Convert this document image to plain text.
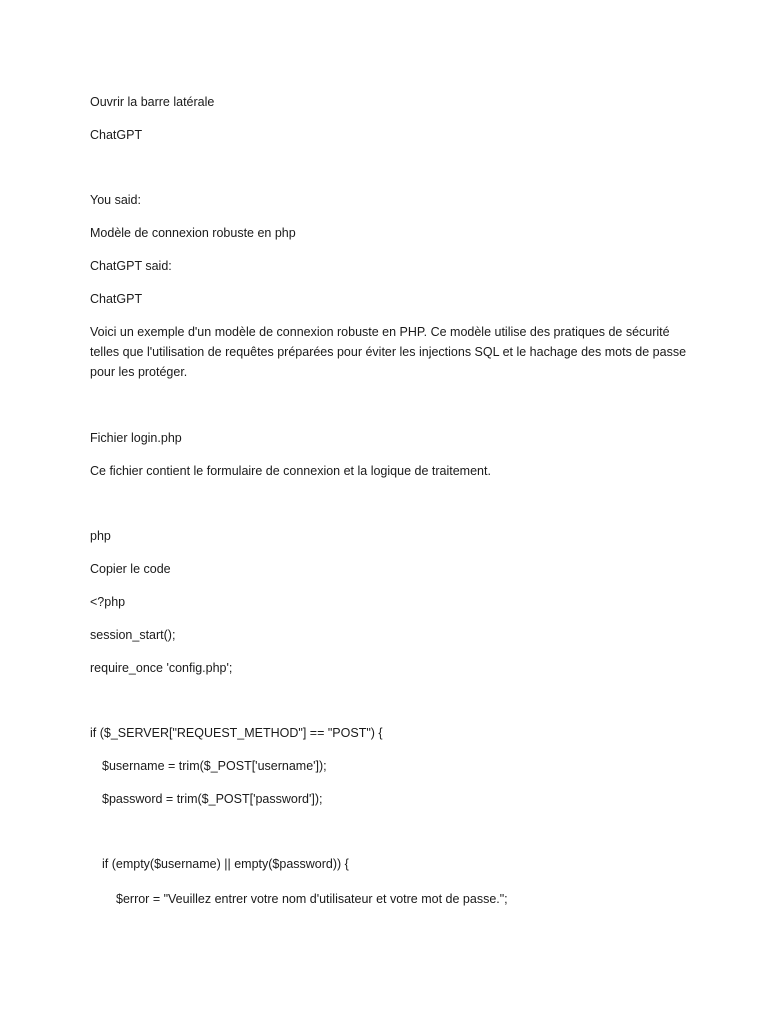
Ouvrir la barre latérale
ChatGPT
You said:
Modèle de connexion robuste en php
ChatGPT said:
ChatGPT
Voici un exemple d'un modèle de connexion robuste en PHP. Ce modèle utilise des pratiques de sécurité telles que l'utilisation de requêtes préparées pour éviter les injections SQL et le hachage des mots de passe pour les protéger.
Fichier login.php
Ce fichier contient le formulaire de connexion et la logique de traitement.
php
Copier le code
<?php
session_start();
require_once 'config.php';
if ($_SERVER["REQUEST_METHOD"] == "POST") {
$username = trim($_POST['username']);
$password = trim($_POST['password']);
if (empty($username) || empty($password)) {
$error = "Veuillez entrer votre nom d'utilisateur et votre mot de passe.";
